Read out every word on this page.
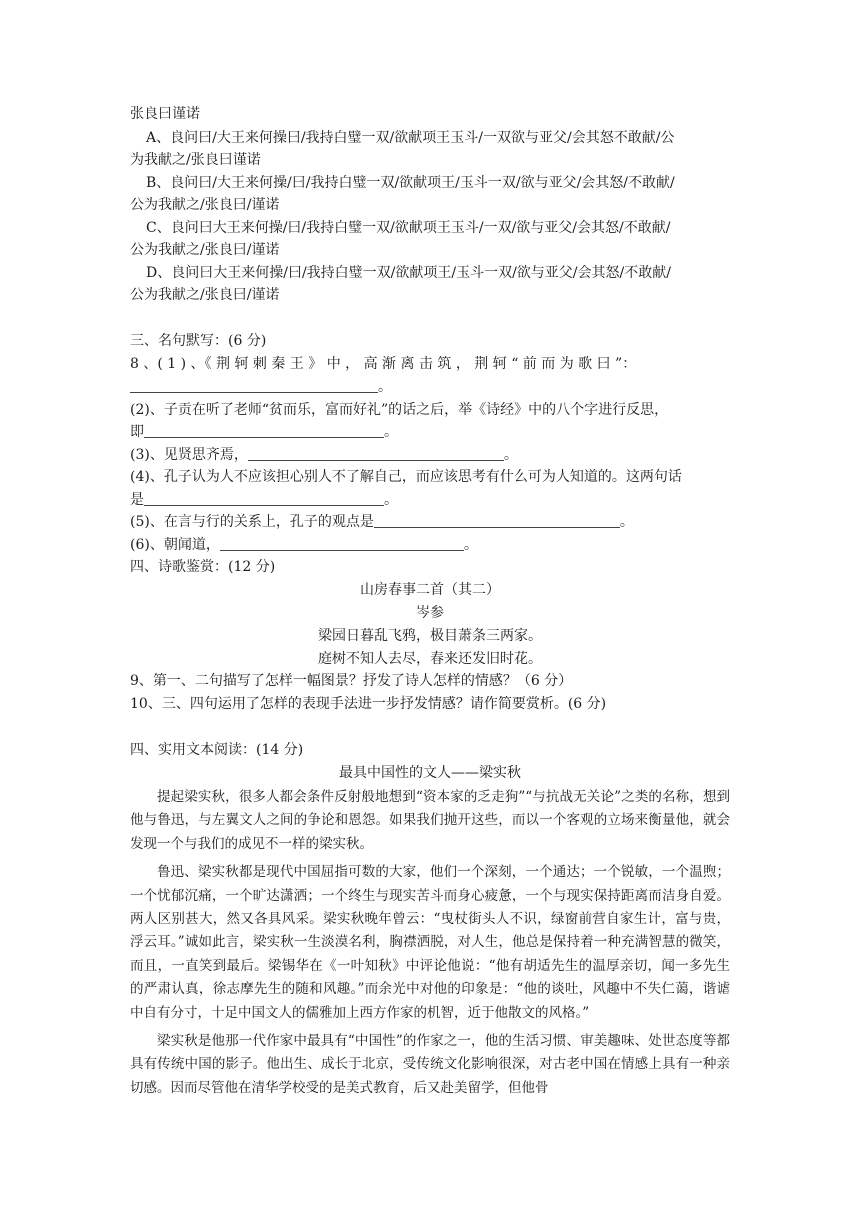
张良曰谨诺
A、良问曰/大王来何操曰/我持白璧一双/欲献项王玉斗/一双欲与亚父/会其怒不敢献/公
为我献之/张良曰谨诺
B、良问曰/大王来何操/曰/我持白璧一双/欲献项王/玉斗一双/欲与亚父/会其怒/不敢献/
公为我献之/张良曰/谨诺
C、良问曰大王来何操/曰/我持白璧一双/欲献项王玉斗/一双/欲与亚父/会其怒/不敢献/
公为我献之/张良曰/谨诺
D、良问曰大王来何操/曰/我持白璧一双/欲献项王/玉斗一双/欲与亚父/会其怒/不敢献/
公为我献之/张良曰/谨诺
三、名句默写：(6 分)
8 、( 1 ) 、《 荆 轲 刺 秦 王 》 中 ， 高 渐 离 击 筑 ， 荆 轲 “ 前 而 为 歌 曰 ”：
。
(2)、子贡在听了老师“贫而乐，富而好礼”的话之后，举《诗经》中的八个字进行反思，
即	。
(3)、见贤思齐焉，	。
(4)、孔子认为人不应该担心别人不了解自己，而应该思考有什么可为人知道的。这两句话
是	。
(5)、在言与行的关系上，孔子的观点是	。
(6)、朝闻道，	。
四、诗歌鉴赏：(12 分)
山房春事二首（其二）
岑参
梁园日暮乱飞鸦，极目萧条三两家。
庭树不知人去尽，春来还发旧时花。
9、第一、二句描写了怎样一幅图景？抒发了诗人怎样的情感？（6 分）
10、三、四句运用了怎样的表现手法进一步抒发情感？请作简要赏析。(6 分)
四、实用文本阅读：(14 分)
最具中国性的文人——梁实秋

提起梁实秋，很多人都会条件反射般地想到“资本家的乏走狗”“与抗战无关论”之类的名称，想到他与鲁迅，与左翼文人之间的争论和恩怨。如果我们抛开这些，而以一个客观的立场来衡量他，就会发现一个与我们的成见不一样的梁实秋。

鲁迅、梁实秋都是现代中国屈指可数的大家，他们一个深刻，一个通达；一个锐敏，一个温煦；一个忧郁沉痛，一个旷达潇洒；一个终生与现实苦斗而身心疲惫，一个与现实保持距离而洁身自爱。两人区别甚大，然又各具风采。梁实秋晚年曾云：“曳杖街头人不识，绿窗前营自家生计，富与贵，浮云耳。”诚如此言，梁实秋一生淡漠名利，胸襟洒脱，对人生，他总是保持着一种充满智慧的微笑，而且，一直笑到最后。梁锡华在《一叶知秋》中评论他说：“他有胡适先生的温厚亲切，闻一多先生的严肃认真，徐志摩先生的随和风趣。”而余光中对他的印象是：“他的谈吐，风趣中不失仁蔼，谐谑中自有分寸，十足中国文人的儒雅加上西方作家的机智，近于他散文的风格。”

梁实秋是他那一代作家中最具有“中国性”的作家之一，他的生活习惯、审美趣味、处世态度等都具有传统中国的影子。他出生、成长于北京，受传统文化影响很深，对古老中国在情感上具有一种亲切感。因而尽管他在清华学校受的是美式教育，后又赴美留学，但他骨
